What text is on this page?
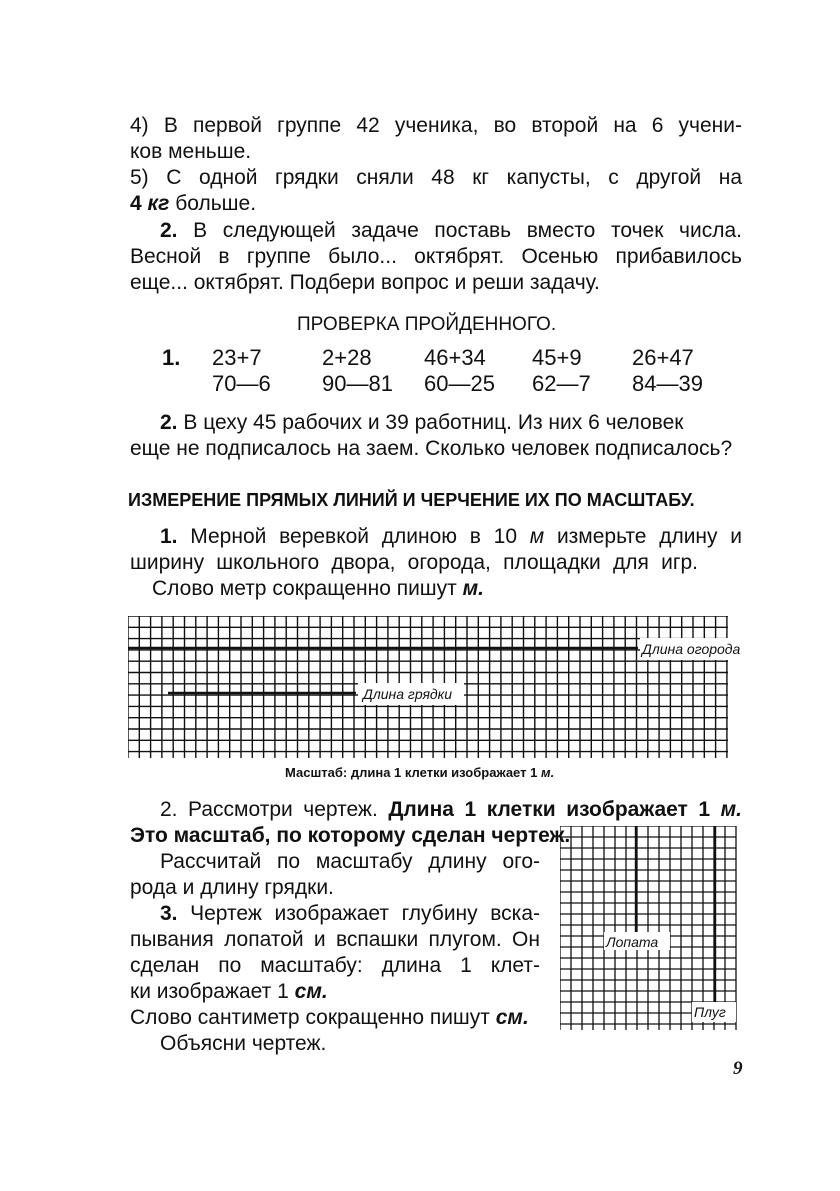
4) В первой группе 42 ученика, во второй на 6 учени-
ков меньше.
5) С одной грядки сняли 48 кг капусты, с другой на
4 кг больше.
2. В следующей задаче поставь вместо точек числа.
Весной в группе было... октябрят. Осенью прибавилось
еще... октябрят. Подбери вопрос и реши задачу.
ПРОВЕРКА ПРОЙДЕННОГО.
1. 23+7	2+28 46+34 45+9 26+47
70—6 90—81 60—25 62—7 84—39
2. В цеху 45 рабочих и 39 работниц. Из них 6 человек
еще не подписалось на заем. Сколько человек подписалось?
ИЗМЕРЕНИЕ ПРЯМЫХ ЛИНИЙ И ЧЕРЧЕНИЕ ИХ ПО МАСШТАБУ.
1. Мерной веревкой длиною в 10 м измерьте длину и
ширину школьного двора, огорода, площадки для игр.
Слово метр сокращенно пишут м.
Длина огорода
Длина грядки
Масштаб: длина 1 клетки изображает 1 м.
2. Рассмотри чертеж. Длина 1 клетки изображает 1 м.
Это масштаб, по которому сделан чертеж.
Рассчитай по масштабу длину ого-
рода и длину грядки.
3. Чертеж изображает глубину вска-
пывания лопатой и вспашки плугом. Он
сделан по масштабу: длина 1 клет-
ки изображает 1 см.
Слово сантиметр сокращенно пишут см.
Объясни чертеж.
Лопата
Плуг
9
